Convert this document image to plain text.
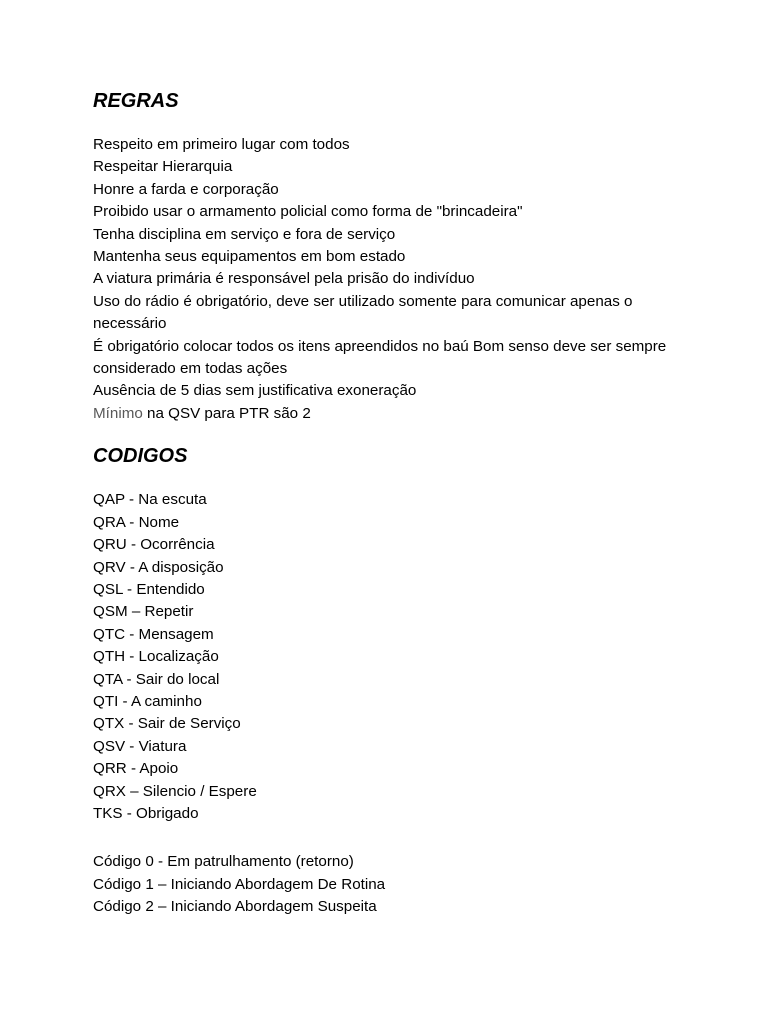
REGRAS
Respeito em primeiro lugar com todos
Respeitar Hierarquia
Honre a farda e corporação
Proibido usar o armamento policial como forma de "brincadeira"
Tenha disciplina em serviço e fora de serviço
Mantenha seus equipamentos em bom estado
A viatura primária é responsável pela prisão do indivíduo
Uso do rádio é obrigatório, deve ser utilizado somente para comunicar apenas o necessário
É obrigatório colocar todos os itens apreendidos no baú Bom senso deve ser sempre considerado em todas ações
Ausência de 5 dias sem justificativa exoneração
Mínimo na QSV para PTR são 2
CODIGOS
QAP - Na escuta
QRA - Nome
QRU - Ocorrência
QRV - A disposição
QSL - Entendido
QSM – Repetir
QTC - Mensagem
QTH - Localização
QTA - Sair do local
QTI - A caminho
QTX - Sair de Serviço
QSV - Viatura
QRR - Apoio
QRX – Silencio / Espere
TKS - Obrigado
Código 0 - Em patrulhamento (retorno)
Código 1 – Iniciando Abordagem De Rotina
Código 2 – Iniciando Abordagem Suspeita
